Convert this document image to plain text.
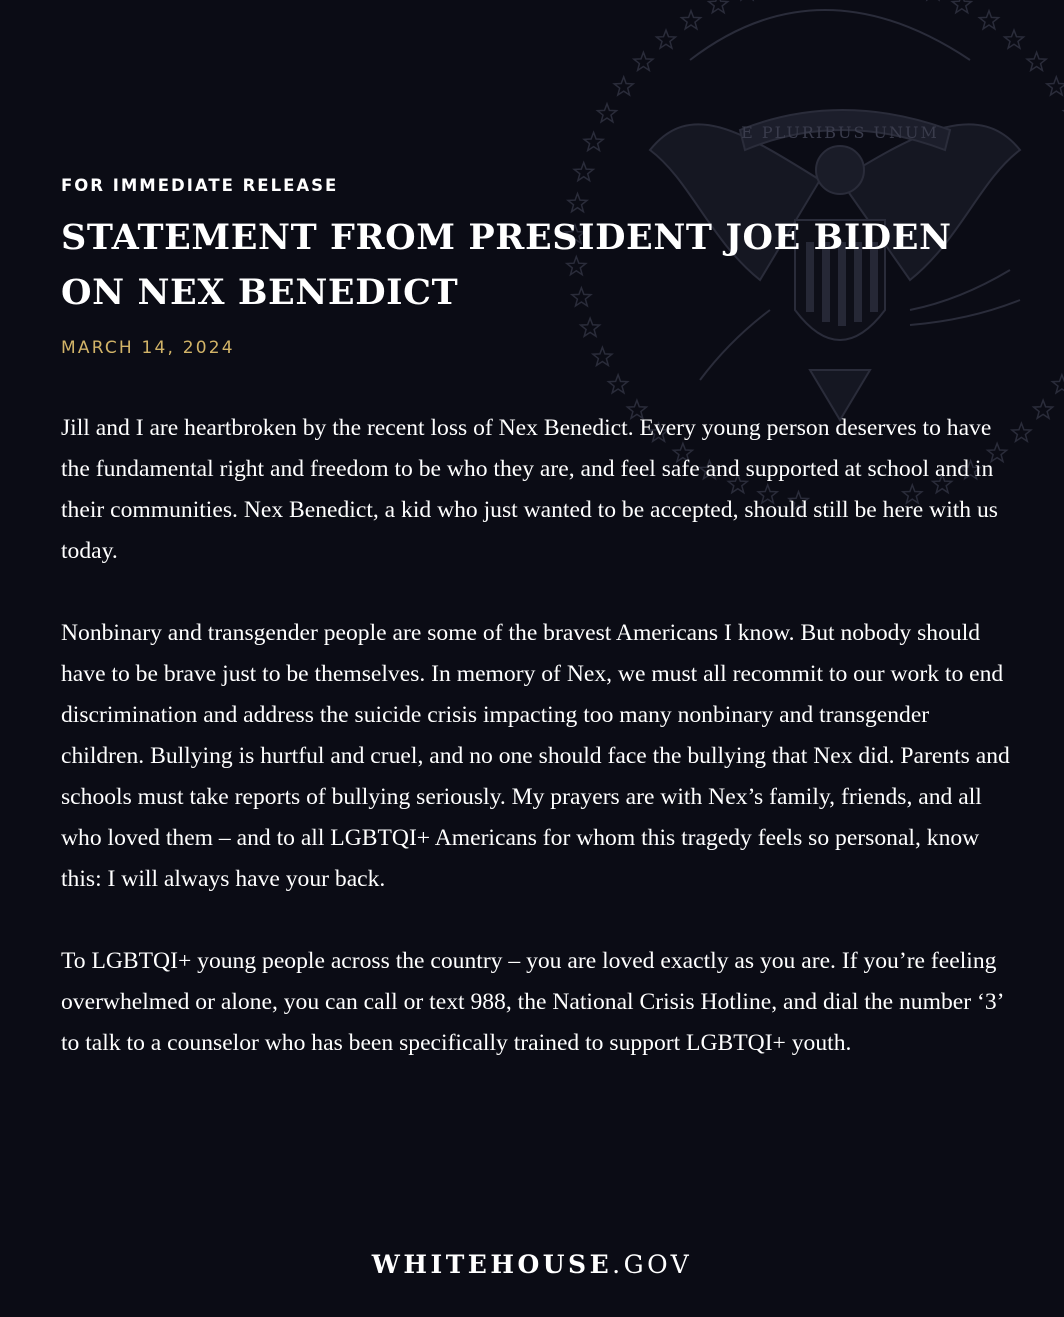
E PLURIBUS UNUM
FOR IMMEDIATE RELEASE
STATEMENT FROM PRESIDENT JOE BIDEN
ON NEX BENEDICT
MARCH 14, 2024

Jill and I are heartbroken by the recent loss of Nex Benedict. Every young person deserves to have the fundamental right and freedom to be who they are, and feel safe and supported at school and in their communities. Nex Benedict, a kid who just wanted to be accepted, should still be here with us today.

Nonbinary and transgender people are some of the bravest Americans I know. But nobody should have to be brave just to be themselves. In memory of Nex, we must all recommit to our work to end discrimination and address the suicide crisis impacting too many nonbinary and transgender children. Bullying is hurtful and cruel, and no one should face the bullying that Nex did. Parents and schools must take reports of bullying seriously. My prayers are with Nex’s family, friends, and all who loved them – and to all LGBTQI+ Americans for whom this tragedy feels so personal, know this: I will always have your back.

To LGBTQI+ young people across the country – you are loved exactly as you are. If you’re feeling overwhelmed or alone, you can call or text 988, the National Crisis Hotline, and dial the number ‘3’ to talk to a counselor who has been specifically trained to support LGBTQI+ youth.

WHITEHOUSE.GOV
